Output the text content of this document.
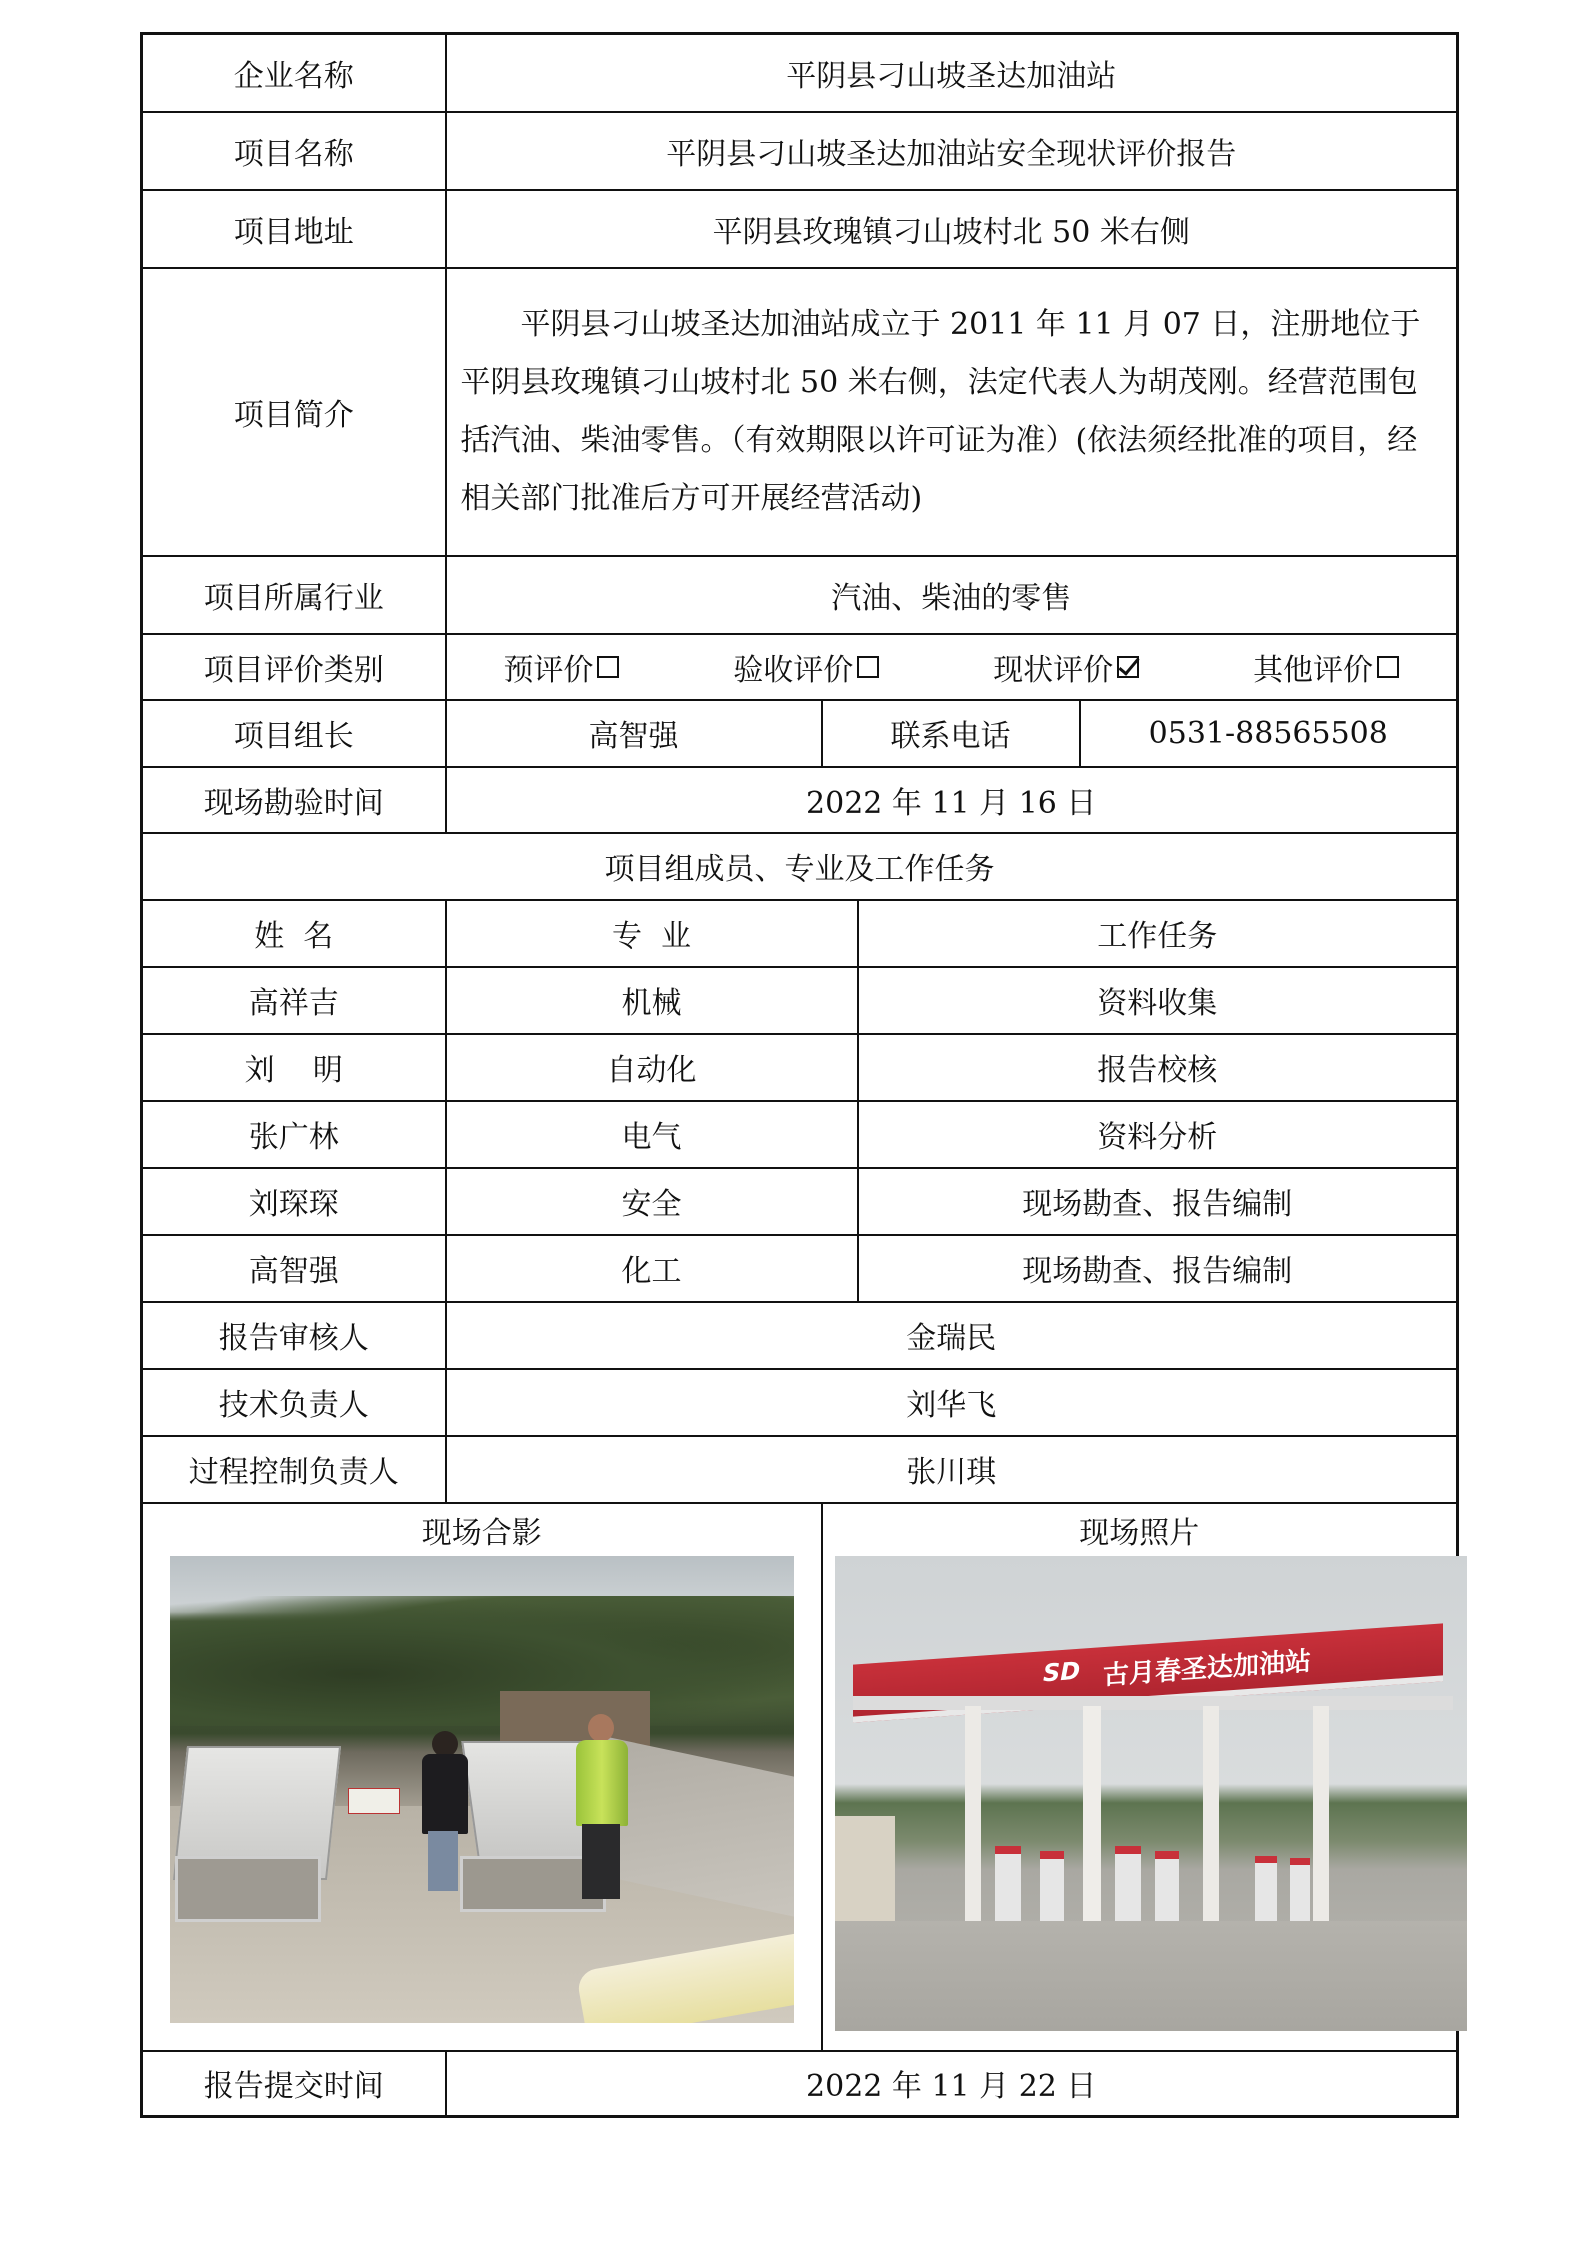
企业名称	平阴县刁山坡圣达加油站			
项目名称	平阴县刁山坡圣达加油站安全现状评价报告			
项目地址	平阴县玫瑰镇刁山坡村北 50 米右侧			
项目简介	平阴县刁山坡圣达加油站成立于 2011 年 11 月 07 日，注册地位于平阴县玫瑰镇刁山坡村北 50 米右侧，法定代表人为胡茂刚。经营范围包括汽油、柴油零售。（有效期限以许可证为准）(依法须经批准的项目，经相关部门批准后方可开展经营活动)			

项目所属行业	汽油、柴油的零售			
项目评价类别	预评价 验收评价 现状评价 其他评价			

项目组长	高智强	联系电话		0531-88565508
现场勘验时间	2022 年 11 月 16 日			
项目组成员、专业及工作任务				
姓  名	专  业		工作任务	
高祥吉	机械		资料收集	
刘    明	自动化		报告校核	
张广林	电气		资料分析	
刘琛琛	安全		现场勘查、报告编制	
高智强	化工		现场勘查、报告编制	
报告审核人	金瑞民			
技术负责人	刘华飞			
过程控制负责人	张川琪			

现场合影		现场照片
古月春圣达加油站
SD		

报告提交时间	2022 年 11 月 22 日			
